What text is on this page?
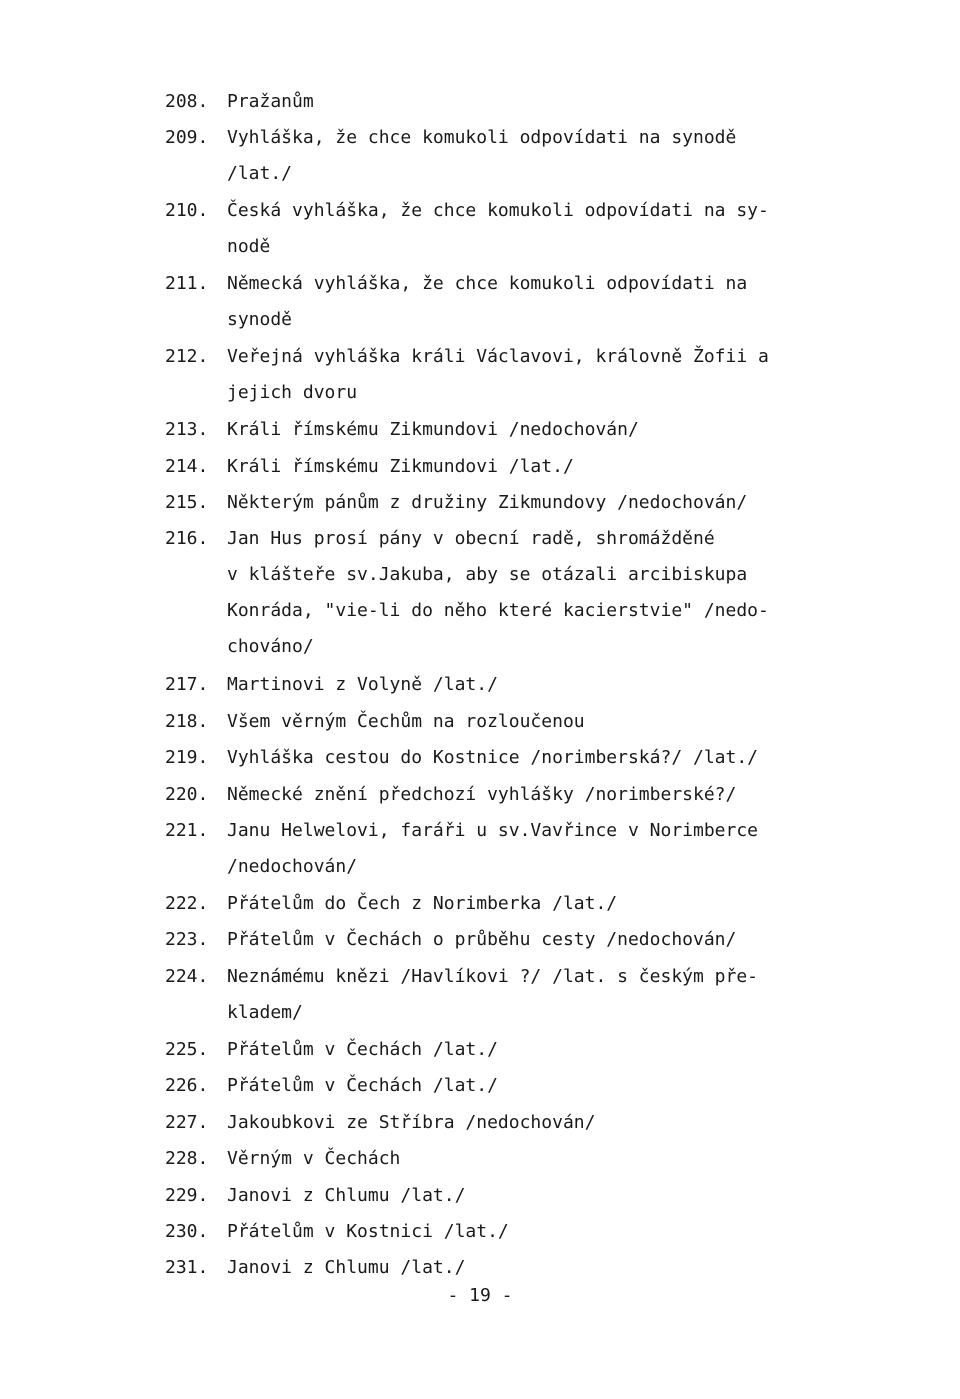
208. Pražanům
209. Vyhláška, že chce komukoli odpovídati na synodě
/lat./
210. Česká vyhláška, že chce komukoli odpovídati na sy-
nodě
211. Německá vyhláška, že chce komukoli odpovídati na
synodě
212. Veřejná vyhláška králi Václavovi, královně Žofii a
jejich dvoru
213. Králi římskému Zikmundovi /nedochován/
214. Králi římskému Zikmundovi /lat./
215. Některým pánům z družiny Zikmundovy /nedochován/
216. Jan Hus prosí pány v obecní radě, shromážděné
v klášteře sv.Jakuba, aby se otázali arcibiskupa
Konráda, "vie-li do něho které kacierstvie" /nedo-
chováno/
217. Martinovi z Volyně /lat./
218. Všem věrným Čechům na rozloučenou
219. Vyhláška cestou do Kostnice /norimberská?/ /lat./
220. Německé znění předchozí vyhlášky /norimberské?/
221. Janu Helwelovi, faráři u sv.Vavřince v Norimberce
/nedochován/
222. Přátelům do Čech z Norimberka /lat./
223. Přátelům v Čechách o průběhu cesty /nedochován/
224. Neznámému knězi /Havlíkovi ?/ /lat. s českým pře-
kladem/
225. Přátelům v Čechách /lat./
226. Přátelům v Čechách /lat./
227. Jakoubkovi ze Stříbra /nedochován/
228. Věrným v Čechách
229. Janovi z Chlumu /lat./
230. Přátelům v Kostnici /lat./
231. Janovi z Chlumu /lat./
- 19 -
